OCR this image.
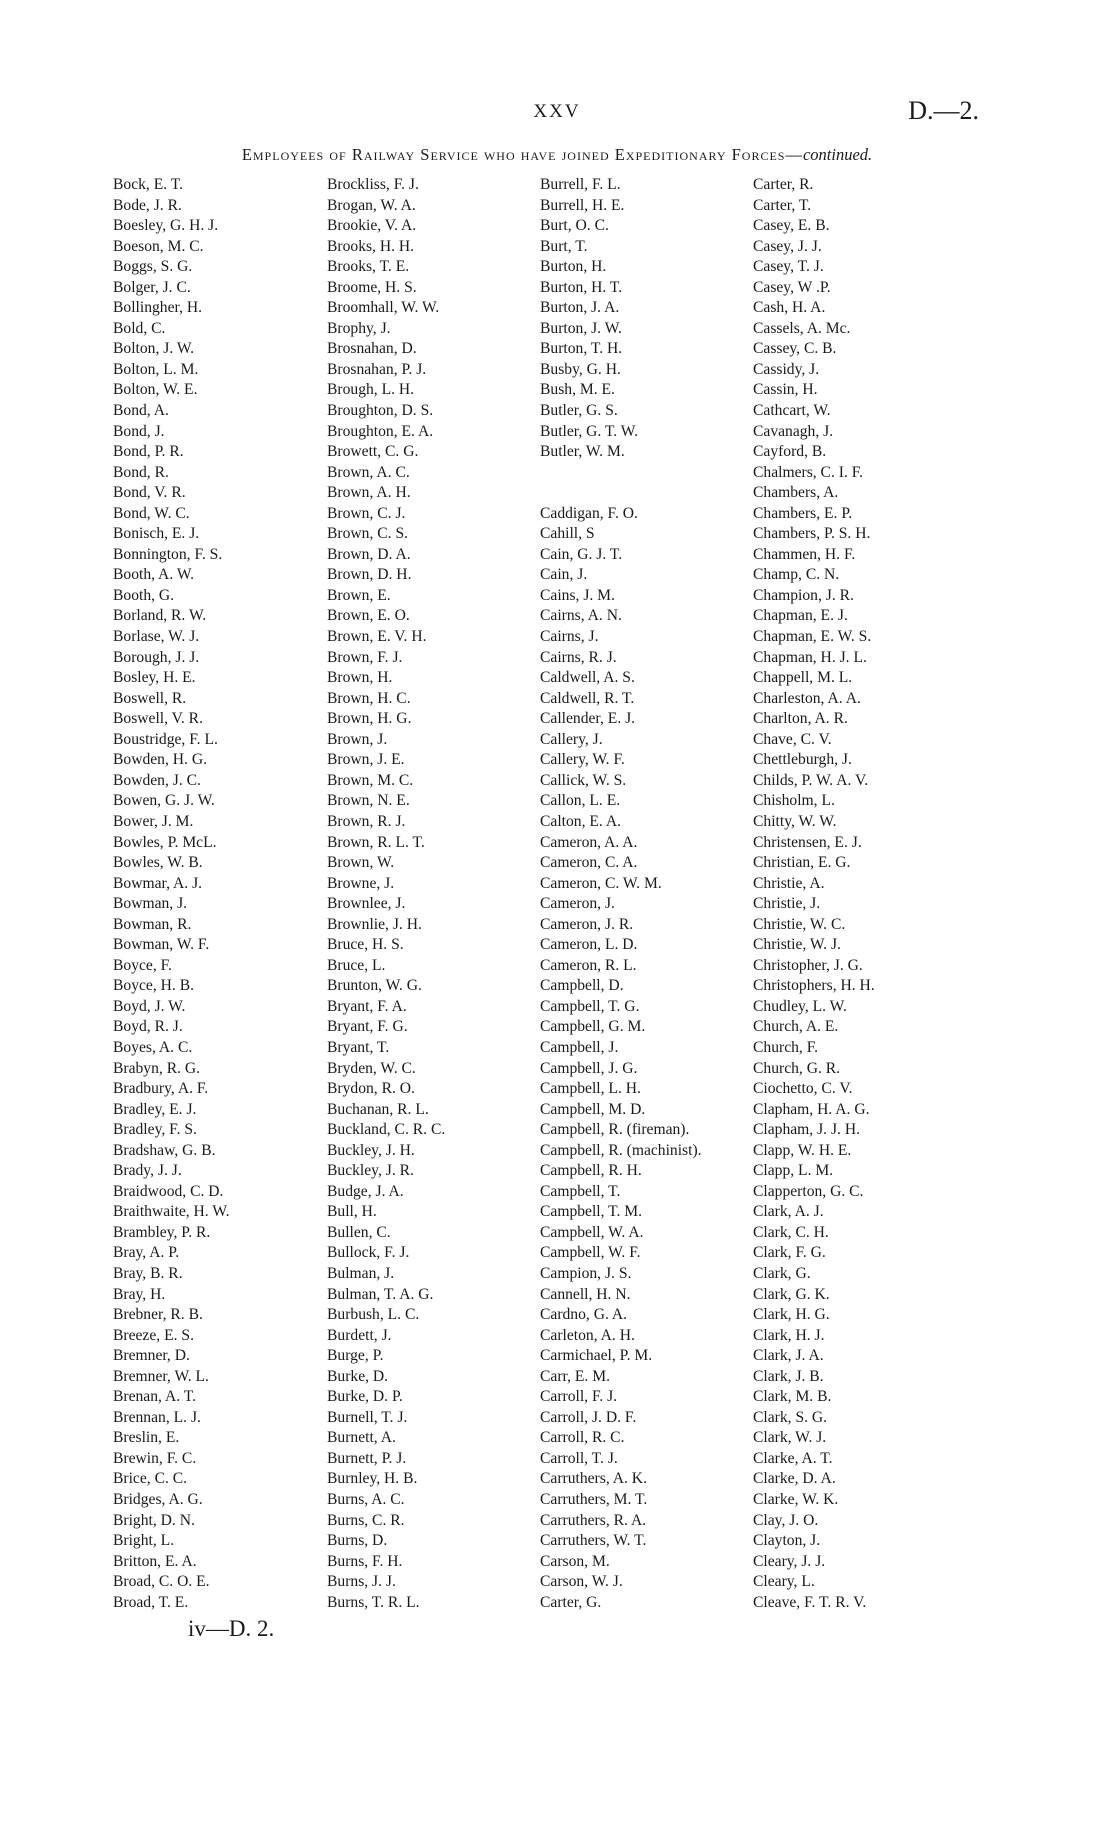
XXV	D.—2.
Employees of Railway Service who have joined Expeditionary Forces—continued.
Bock, E. T.
Bode, J. R.
Boesley, G. H. J.
Boeson, M. C.
Boggs, S. G.
Bolger, J. C.
Bollingher, H.
Bold, C.
Bolton, J. W.
Bolton, L. M.
Bolton, W. E.
Bond, A.
Bond, J.
Bond, P. R.
Bond, R.
Bond, V. R.
Bond, W. C.
Bonisch, E. J.
Bonnington, F. S.
Booth, A. W.
Booth, G.
Borland, R. W.
Borlase, W. J.
Borough, J. J.
Bosley, H. E.
Boswell, R.
Boswell, V. R.
Boustridge, F. L.
Bowden, H. G.
Bowden, J. C.
Bowen, G. J. W.
Bower, J. M.
Bowles, P. McL.
Bowles, W. B.
Bowmar, A. J.
Bowman, J.
Bowman, R.
Bowman, W. F.
Boyce, F.
Boyce, H. B.
Boyd, J. W.
Boyd, R. J.
Boyes, A. C.
Brabyn, R. G.
Bradbury, A. F.
Bradley, E. J.
Bradley, F. S.
Bradshaw, G. B.
Brady, J. J.
Braidwood, C. D.
Braithwaite, H. W.
Brambley, P. R.
Bray, A. P.
Bray, B. R.
Bray, H.
Brebner, R. B.
Breeze, E. S.
Bremner, D.
Bremner, W. L.
Brenan, A. T.
Brennan, L. J.
Breslin, E.
Brewin, F. C.
Brice, C. C.
Bridges, A. G.
Bright, D. N.
Bright, L.
Britton, E. A.
Broad, C. O. E.
Broad, T. E.
Brockliss, F. J.
Brogan, W. A.
Brookie, V. A.
Brooks, H. H.
Brooks, T. E.
Broome, H. S.
Broomhall, W. W.
Brophy, J.
Brosnahan, D.
Brosnahan, P. J.
Brough, L. H.
Broughton, D. S.
Broughton, E. A.
Browett, C. G.
Brown, A. C.
Brown, A. H.
Brown, C. J.
Brown, C. S.
Brown, D. A.
Brown, D. H.
Brown, E.
Brown, E. O.
Brown, E. V. H.
Brown, F. J.
Brown, H.
Brown, H. C.
Brown, H. G.
Brown, J.
Brown, J. E.
Brown, M. C.
Brown, N. E.
Brown, R. J.
Brown, R. L. T.
Brown, W.
Browne, J.
Brownlee, J.
Brownlie, J. H.
Bruce, H. S.
Bruce, L.
Brunton, W. G.
Bryant, F. A.
Bryant, F. G.
Bryant, T.
Bryden, W. C.
Brydon, R. O.
Buchanan, R. L.
Buckland, C. R. C.
Buckley, J. H.
Buckley, J. R.
Budge, J. A.
Bull, H.
Bullen, C.
Bullock, F. J.
Bulman, J.
Bulman, T. A. G.
Burbush, L. C.
Burdett, J.
Burge, P.
Burke, D.
Burke, D. P.
Burnell, T. J.
Burnett, A.
Burnett, P. J.
Burnley, H. B.
Burns, A. C.
Burns, C. R.
Burns, D.
Burns, F. H.
Burns, J. J.
Burns, T. R. L.
Burrell, F. L.
Burrell, H. E.
Burt, O. C.
Burt, T.
Burton, H.
Burton, H. T.
Burton, J. A.
Burton, J. W.
Burton, T. H.
Busby, G. H.
Bush, M. E.
Butler, G. S.
Butler, G. T. W.
Butler, W. M.
Caddigan, F. O.
Cahill, S
Cain, G. J. T.
Cain, J.
Cains, J. M.
Cairns, A. N.
Cairns, J.
Cairns, R. J.
Caldwell, A. S.
Caldwell, R. T.
Callender, E. J.
Callery, J.
Callery, W. F.
Callick, W. S.
Callon, L. E.
Calton, E. A.
Cameron, A. A.
Cameron, C. A.
Cameron, C. W. M.
Cameron, J.
Cameron, J. R.
Cameron, L. D.
Cameron, R. L.
Campbell, D.
Campbell, T. G.
Campbell, G. M.
Campbell, J.
Campbell, J. G.
Campbell, L. H.
Campbell, M. D.
Campbell, R. (fireman).
Campbell, R. (machinist).
Campbell, R. H.
Campbell, T.
Campbell, T. M.
Campbell, W. A.
Campbell, W. F.
Campion, J. S.
Cannell, H. N.
Cardno, G. A.
Carleton, A. H.
Carmichael, P. M.
Carr, E. M.
Carroll, F. J.
Carroll, J. D. F.
Carroll, R. C.
Carroll, T. J.
Carruthers, A. K.
Carruthers, M. T.
Carruthers, R. A.
Carruthers, W. T.
Carson, M.
Carson, W. J.
Carter, G.
Carter, R.
Carter, T.
Casey, E. B.
Casey, J. J.
Casey, T. J.
Casey, W .P.
Cash, H. A.
Cassels, A. Mc.
Cassey, C. B.
Cassidy, J.
Cassin, H.
Cathcart, W.
Cavanagh, J.
Cayford, B.
Chalmers, C. I. F.
Chambers, A.
Chambers, E. P.
Chambers, P. S. H.
Chammen, H. F.
Champ, C. N.
Champion, J. R.
Chapman, E. J.
Chapman, E. W. S.
Chapman, H. J. L.
Chappell, M. L.
Charleston, A. A.
Charlton, A. R.
Chave, C. V.
Chettleburgh, J.
Childs, P. W. A. V.
Chisholm, L.
Chitty, W. W.
Christensen, E. J.
Christian, E. G.
Christie, A.
Christie, J.
Christie, W. C.
Christie, W. J.
Christopher, J. G.
Christophers, H. H.
Chudley, L. W.
Church, A. E.
Church, F.
Church, G. R.
Ciochetto, C. V.
Clapham, H. A. G.
Clapham, J. J. H.
Clapp, W. H. E.
Clapp, L. M.
Clapperton, G. C.
Clark, A. J.
Clark, C. H.
Clark, F. G.
Clark, G.
Clark, G. K.
Clark, H. G.
Clark, H. J.
Clark, J. A.
Clark, J. B.
Clark, M. B.
Clark, S. G.
Clark, W. J.
Clarke, A. T.
Clarke, D. A.
Clarke, W. K.
Clay, J. O.
Clayton, J.
Cleary, J. J.
Cleary, L.
Cleave, F. T. R. V.
iv—D. 2.
